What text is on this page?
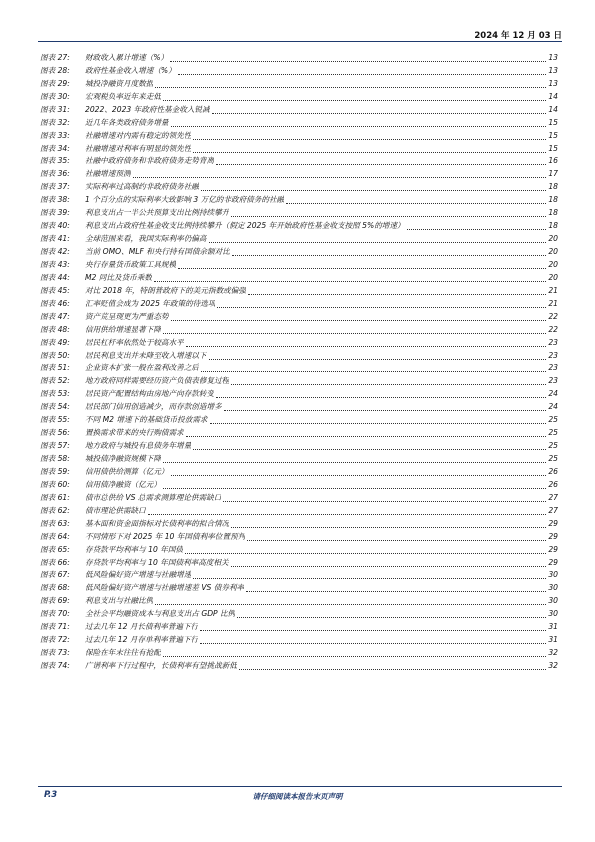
2024 年 12 月 03 日
图表 27:	财政收入累计增速（%）	13
图表 28:	政府性基金收入增速（%）	13
图表 29:	城投净融资月度数据	13
图表 30:	宏观税负率近年来走低	14
图表 31:	2022、2023 年政府性基金收入锐减	14
图表 32:	近几年各类政府债务增量	15
图表 33:	社融增速对内需有稳定的领先性	15
图表 34:	社融增速对利率有明显的领先性	15
图表 35:	社融中政府债务和非政府债务走势背离	16
图表 36:	社融增速预测	17
图表 37:	实际利率过高制约非政府债务社融	18
图表 38:	1 个百分点的实际利率大致影响 3 万亿的非政府债务的社融	18
图表 39:	利息支出占一半公共预算支出比例持续攀升	18
图表 40:	利息支出占政府性基金收支比例持续攀升（假定 2025 年开始政府性基金收支按照 5%的增速）	18
图表 41:	全球范围来看，我国实际利率仍偏高	20
图表 42:	当前 OMO、MLF 和央行持有国债余额对比	20
图表 43:	央行存量货币政策工具规模	20
图表 44:	M2 同比及货币乘数	20
图表 45:	对比 2018 年，特朗普政府下的美元指数或偏强	21
图表 46:	汇率贬值会成为 2025 年政策的待选项	21
图表 47:	资产荒呈现更为严重态势	22
图表 48:	信用供给增速显著下降	22
图表 49:	居民杠杆率依然处于较高水平	23
图表 50:	居民利息支出并未降至收入增速以下	23
图表 51:	企业资本扩张一般在盈利改善之后	23
图表 52:	地方政府同样需要经历资产负债表修复过程	23
图表 53:	居民资产配置结构由房地产向存款转变	24
图表 54:	居民部门信用创造减少，而存款创造增多	24
图表 55:	不同 M2 增速下的基础货币投放需求	25
图表 56:	置换需求带来的央行购债需求	25
图表 57:	地方政府与城投有息债务年增量	25
图表 58:	城投债净融资规模下降	25
图表 59:	信用债供给测算（亿元）	26
图表 60:	信用债净融资（亿元）	26
图表 61:	债市总供给 VS 总需求测算理论供需缺口	27
图表 62:	债市理论供需缺口	27
图表 63:	基本面和资金面指标对长债利率的拟合情况	29
图表 64:	不同情形下对 2025 年 10 年国债利率位置预判	29
图表 65:	存贷款平均利率与 10 年国债	29
图表 66:	存贷款平均利率与 10 年国债利率高度相关	29
图表 67:	低风险偏好资产增速与社融增速	30
图表 68:	低风险偏好资产增速与社融增速差 VS 债券利率	30
图表 69:	利息支出与社融比例	30
图表 70:	全社会平均融资成本与利息支出占 GDP 比例	30
图表 71:	过去几年 12 月长债利率普遍下行	31
图表 72:	过去几年 12 月存单利率普遍下行	31
图表 73:	保险在年末往往有抢配	32
图表 74:	广谱利率下行过程中，长债利率有望挑战新低	32
P.3	请仔细阅读本报告末页声明
